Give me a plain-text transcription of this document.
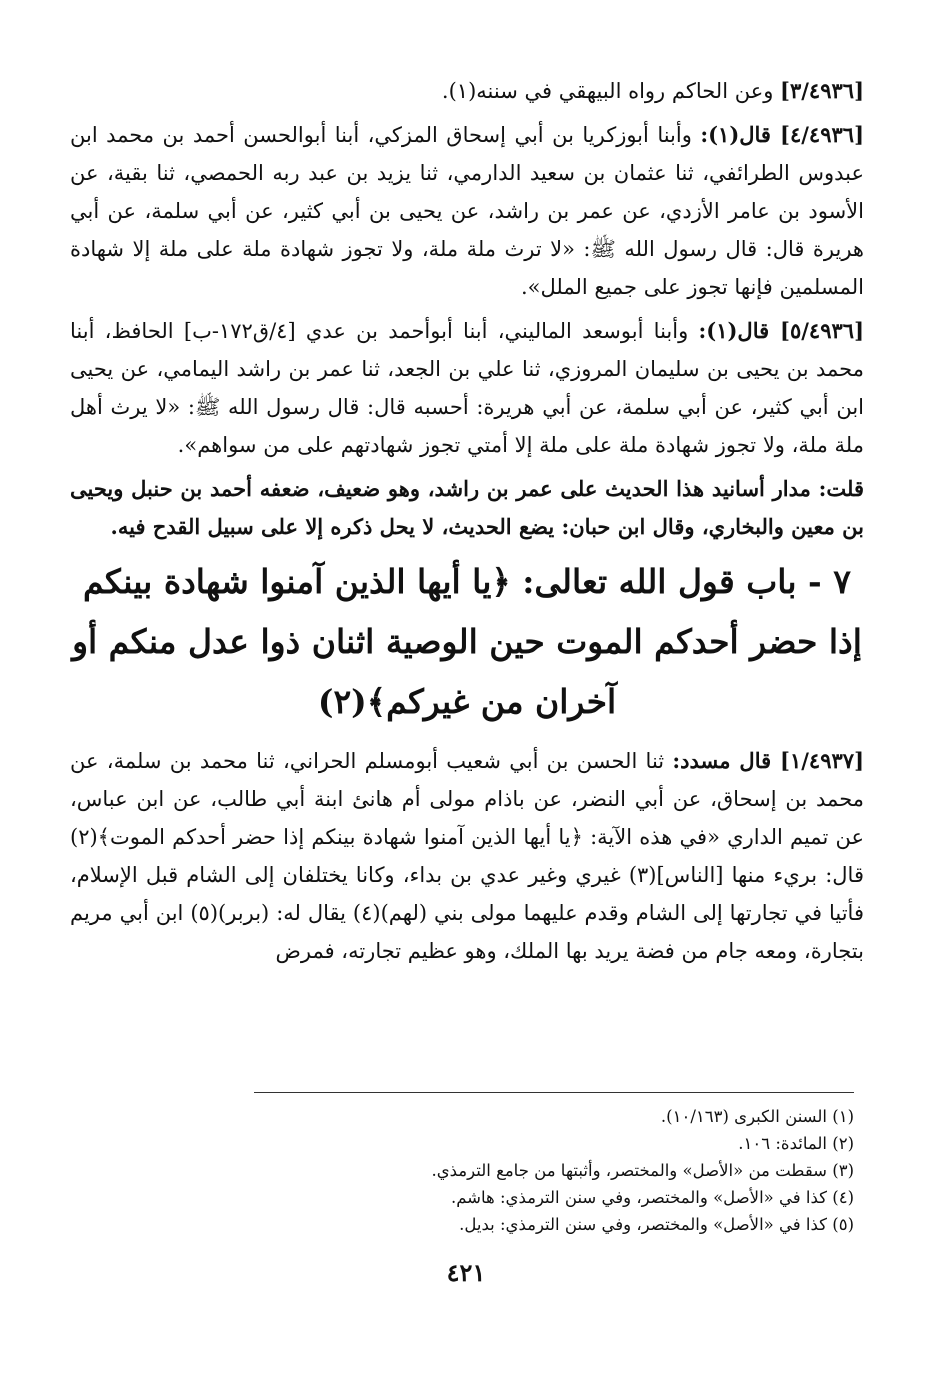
[٣/٤٩٣٦] وعن الحاكم رواه البيهقي في سننه(١).

[٤/٤٩٣٦] قال(١): وأبنا أبوزكريا بن أبي إسحاق المزكي، أبنا أبوالحسن أحمد بن محمد ابن عبدوس الطرائفي، ثنا عثمان بن سعيد الدارمي، ثنا يزيد بن عبد ربه الحمصي، ثنا بقية، عن الأسود بن عامر الأزدي، عن عمر بن راشد، عن يحيى بن أبي كثير، عن أبي سلمة، عن أبي هريرة قال: قال رسول الله ﷺ: «لا ترث ملة ملة، ولا تجوز شهادة ملة على ملة إلا شهادة المسلمين فإنها تجوز على جميع الملل».

[٥/٤٩٣٦] قال(١): وأبنا أبوسعد الماليني، أبنا أبوأحمد بن عدي [٤/ق١٧٢-ب] الحافظ، أبنا محمد بن يحيى بن سليمان المروزي، ثنا علي بن الجعد، ثنا عمر بن راشد اليمامي، عن يحيى ابن أبي كثير، عن أبي سلمة، عن أبي هريرة: أحسبه قال: قال رسول الله ﷺ: «لا يرث أهل ملة ملة، ولا تجوز شهادة ملة على ملة إلا أمتي تجوز شهادتهم على من سواهم».

قلت: مدار أسانيد هذا الحديث على عمر بن راشد، وهو ضعيف، ضعفه أحمد بن حنبل ويحيى بن معين والبخاري، وقال ابن حبان: يضع الحديث، لا يحل ذكره إلا على سبيل القدح فيه.

٧ - باب قول الله تعالى: ﴿يا أيها الذين آمنوا شهادة بينكم إذا حضر أحدكم الموت حين الوصية اثنان ذوا عدل منكم أو آخران من غيركم﴾(٢)

[١/٤٩٣٧] قال مسدد: ثنا الحسن بن أبي شعيب أبومسلم الحراني، ثنا محمد بن سلمة، عن محمد بن إسحاق، عن أبي النضر، عن باذام مولى أم هانئ ابنة أبي طالب، عن ابن عباس، عن تميم الداري «في هذه الآية: ﴿يا أيها الذين آمنوا شهادة بينكم إذا حضر أحدكم الموت﴾(٢) قال: بريء منها [الناس](٣) غيري وغير عدي بن بداء، وكانا يختلفان إلى الشام قبل الإسلام، فأتيا في تجارتها إلى الشام وقدم عليهما مولى بني (لهم)(٤) يقال له: (بربر)(٥) ابن أبي مريم بتجارة، ومعه جام من فضة يريد بها الملك، وهو عظيم تجارته، فمرض

(١) السنن الكبرى (١٠/١٦٣).

(٢) المائدة: ١٠٦.

(٣) سقطت من «الأصل» والمختصر، وأثبتها من جامع الترمذي.

(٤) كذا في «الأصل» والمختصر، وفي سنن الترمذي: هاشم.

(٥) كذا في «الأصل» والمختصر، وفي سنن الترمذي: بديل.

٤٢١
